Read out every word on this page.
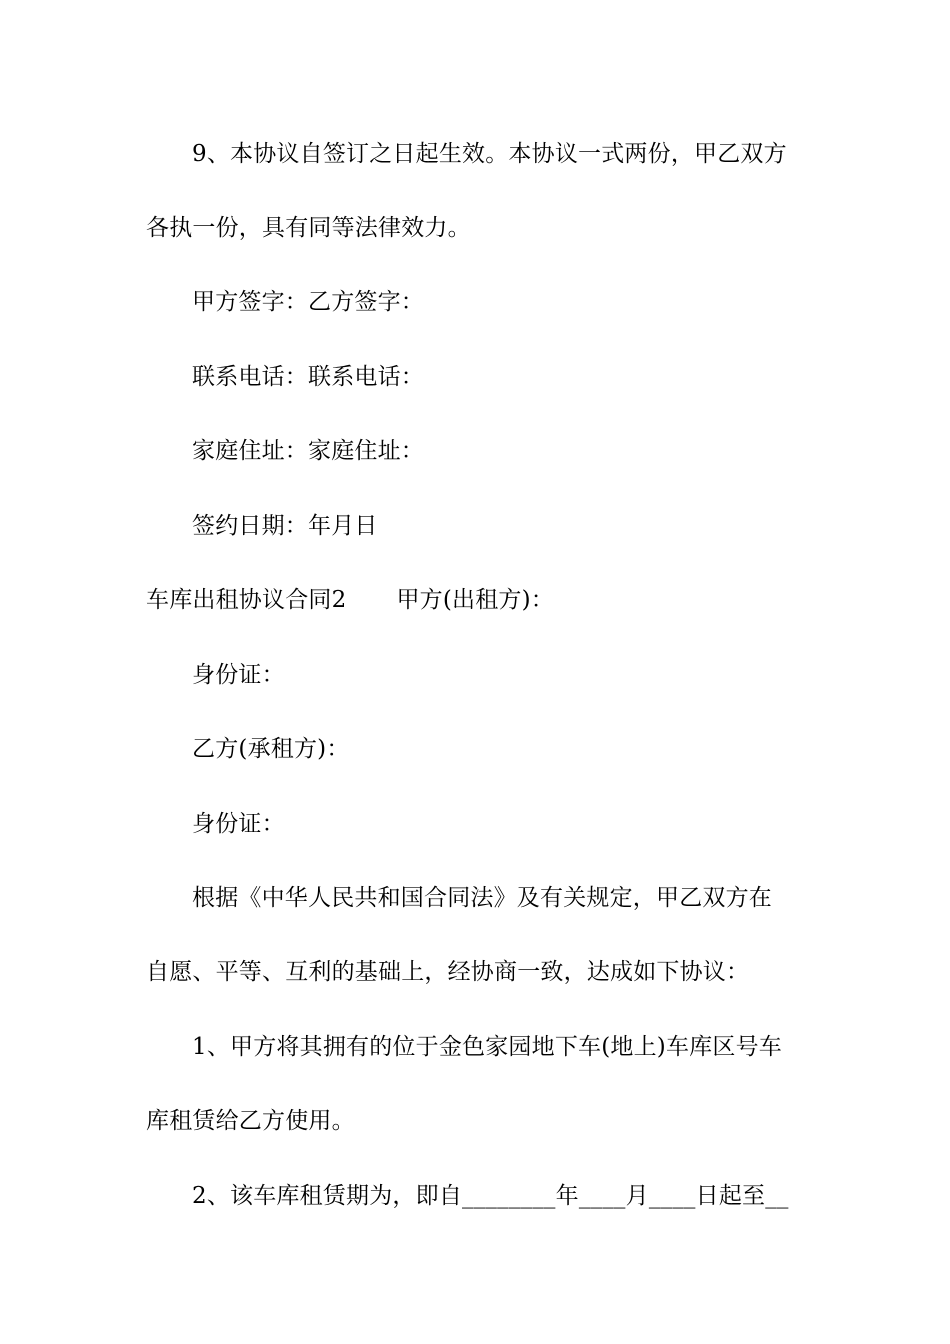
9、本协议自签订之日起生效。本协议一式两份，甲乙双方
各执一份，具有同等法律效力。
甲方签字：乙方签字：
联系电话：联系电话：
家庭住址：家庭住址：
签约日期：年月日
车库出租协议合同2 甲方(出租方)：
身份证：
乙方(承租方)：
身份证：
根据《中华人民共和国合同法》及有关规定，甲乙双方在
自愿、平等、互利的基础上，经协商一致，达成如下协议：
1、甲方将其拥有的位于金色家园地下车(地上)车库区号车
库租赁给乙方使用。
2、该车库租赁期为，即自________年____月____日起至__
